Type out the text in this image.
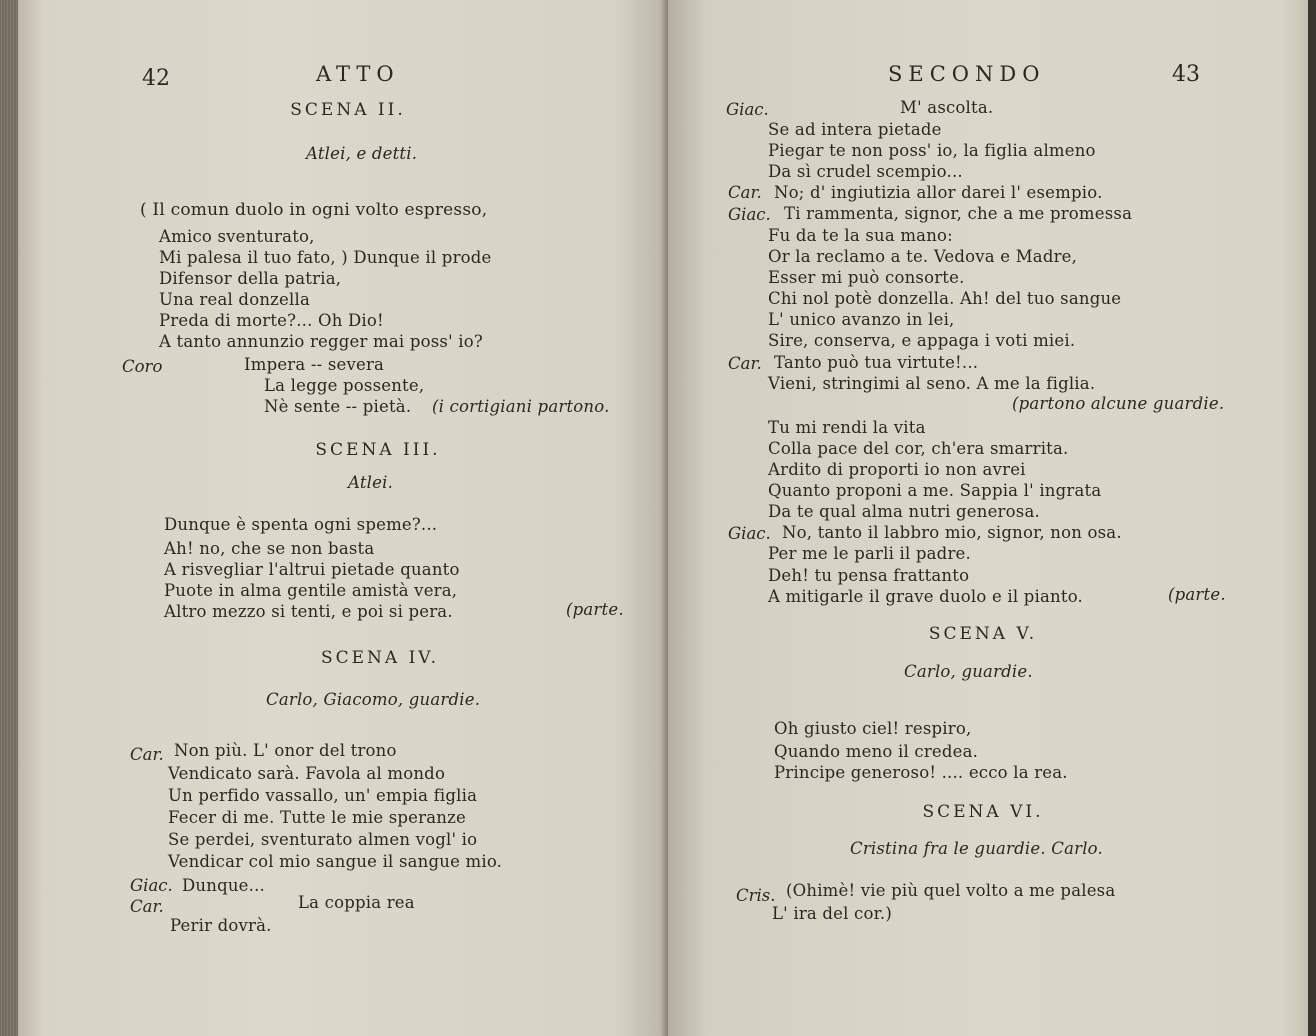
42	ATTO
SCENA II.
Atlei, e detti.
( Il comun duolo in ogni volto espresso,
Amico sventurato,
Mi palesa il tuo fato, ) Dunque il prode
Difensor della patria,
Una real donzella
Preda di morte?... Oh Dio!
A tanto annunzio regger mai poss' io?
Coro	Impera -- severa
La legge possente,
Nè sente -- pietà. (i cortigiani partono.
SCENA III.
Atlei.
Dunque è spenta ogni speme?...
Ah! no, che se non basta
A risvegliar l'altrui pietade quanto
Puote in alma gentile amistà vera,
Altro mezzo si tenti, e poi si pera.	(parte.
SCENA IV.
Carlo, Giacomo, guardie.
Car. Non più. L' onor del trono
Vendicato sarà. Favola al mondo
Un perfido vassallo, un' empia figlia
Fecer di me. Tutte le mie speranze
Se perdei, sventurato almen vogl' io
Vendicar col mio sangue il sangue mio.
Giac. Dunque...
Car.	La coppia rea
Perir dovrà.
SECONDO	43
Giac.	M' ascolta.
Se ad intera pietade
Piegar te non poss' io, la figlia almeno
Da sì crudel scempio...
Car. No; d' ingiutizia allor darei l' esempio.
Giac. Ti rammenta, signor, che a me promessa
Fu da te la sua mano:
Or la reclamo a te. Vedova e Madre,
Esser mi può consorte.
Chi nol potè donzella. Ah! del tuo sangue
L' unico avanzo in lei,
Sire, conserva, e appaga i voti miei.
Car. Tanto può tua virtute!...
Vieni, stringimi al seno. A me la figlia.
(partono alcune guardie.
Tu mi rendi la vita
Colla pace del cor, ch'era smarrita.
Ardito di proporti io non avrei
Quanto proponi a me. Sappia l' ingrata
Da te qual alma nutri generosa.
Giac. No, tanto il labbro mio, signor, non osa.
Per me le parli il padre.
Deh! tu pensa frattanto
A mitigarle il grave duolo e il pianto.	(parte.
SCENA V.
Carlo, guardie.
Oh giusto ciel! respiro,
Quando meno il credea.
Principe generoso! .... ecco la rea.
SCENA VI.
Cristina fra le guardie. Carlo.
Cris. (Ohimè! vie più quel volto a me palesa
L' ira del cor.)
